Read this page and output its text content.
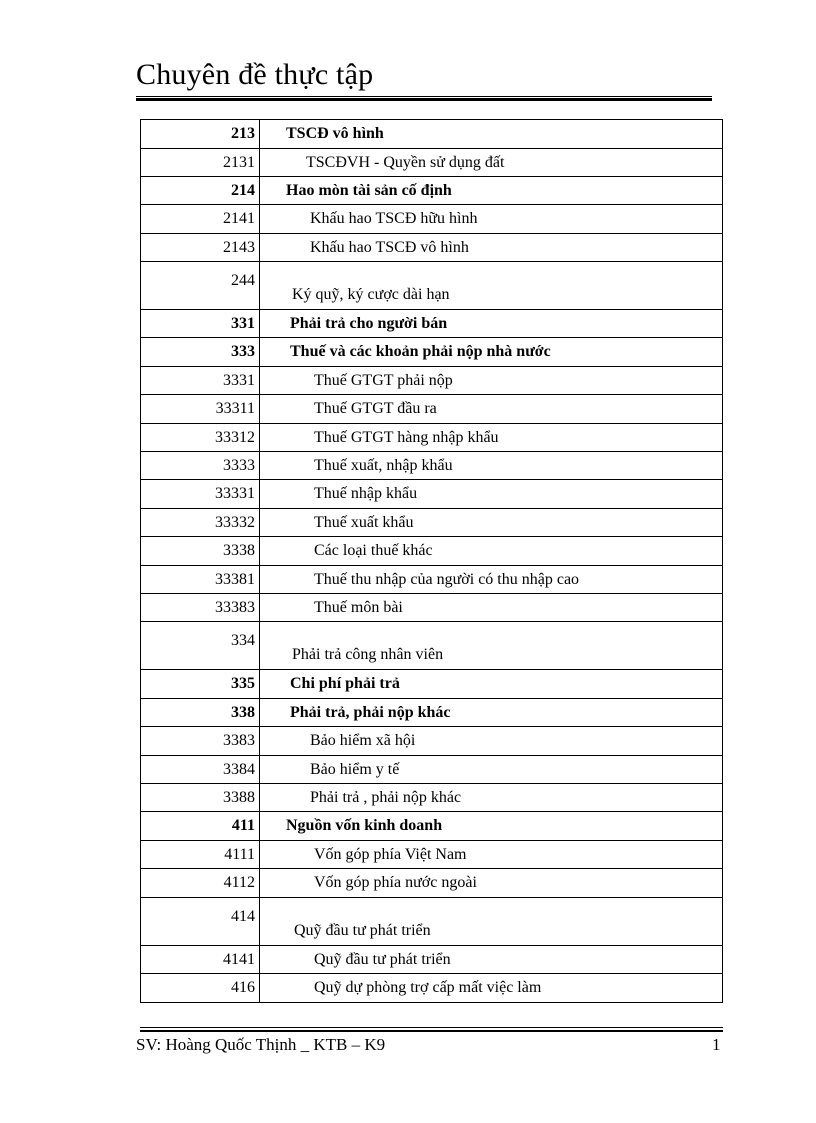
Chuyên đề thực tập
213	TSCĐ vô hình
2131	TSCĐVH - Quyền sử dụng đất
214	Hao mòn tài sản cố định
2141	Khấu hao TSCĐ hữu hình
2143	Khấu hao TSCĐ vô hình
244	Ký quỹ, ký cược dài hạn
331	Phải trả cho người bán
333	Thuế và các khoản phải nộp nhà nước
3331	Thuế GTGT phải nộp
33311	Thuế GTGT đầu ra
33312	Thuế GTGT hàng nhập khẩu
3333	Thuế xuất, nhập khẩu
33331	Thuế nhập khẩu
33332	Thuế xuất khẩu
3338	Các loại thuế khác
33381	Thuế thu nhập của người có thu nhập cao
33383	Thuế môn bài
334	Phải trả công nhân viên
335	Chi phí phải trả
338	Phải trả, phải nộp khác
3383	Bảo hiểm xã hội
3384	Bảo hiểm y tế
3388	Phải trả , phải nộp khác
411	Nguồn vốn kinh doanh
4111	Vốn góp phía Việt Nam
4112	Vốn góp phía nước ngoài
414	Quỹ đầu tư phát triển
4141	Quỹ đầu tư phát triển
416	Quỹ dự phòng trợ cấp mất việc làm
SV: Hoàng Quốc Thịnh _ KTB – K9	1
